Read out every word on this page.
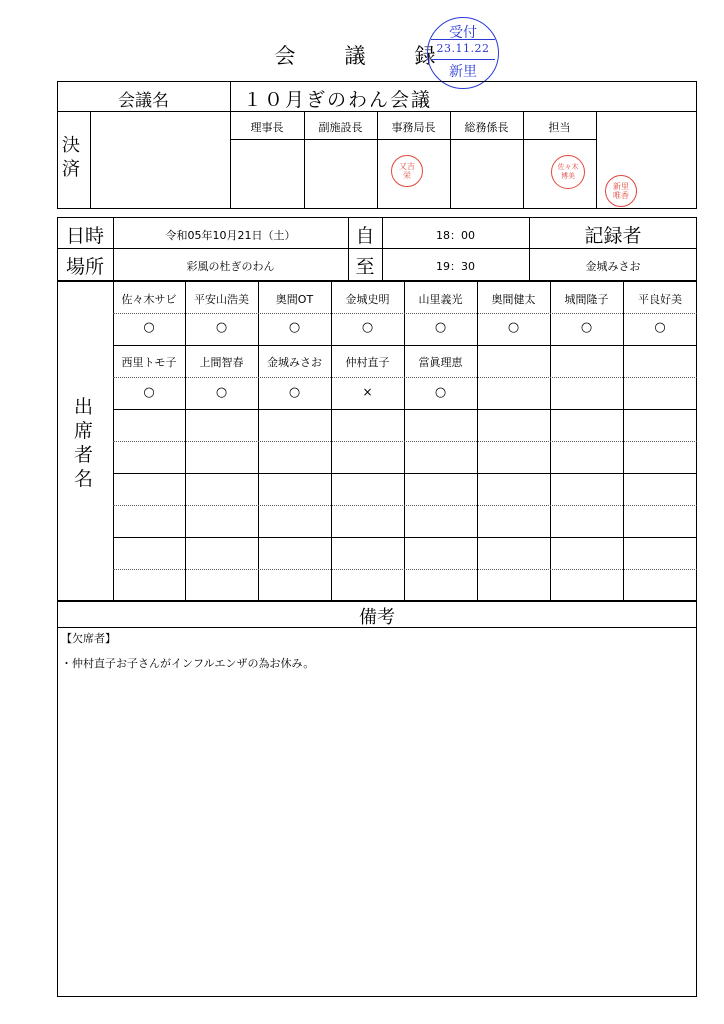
会　議　録
受付
23.11.22
新里
会議名	１０月ぎのわん会議
決済
理事長	副施設長	事務局長	総務係長	担当
又吉栄
佐々木博美
新里唯香
日時	令和05年10月21日（土）	自	18：00	記録者
場所	彩風の杜ぎのわん	至	19：30	金城みさお
出席者名
佐々木サビ	平安山浩美	奥間OT	金城史明	山里義光	奥間健太	城間隆子	平良好美
○	○	○	○	○	○	○	○
西里トモ子	上間智春	金城みさお	仲村直子	當眞理恵
○	○	○	×	○
備考
【欠席者】
・仲村直子お子さんがインフルエンザの為お休み。
